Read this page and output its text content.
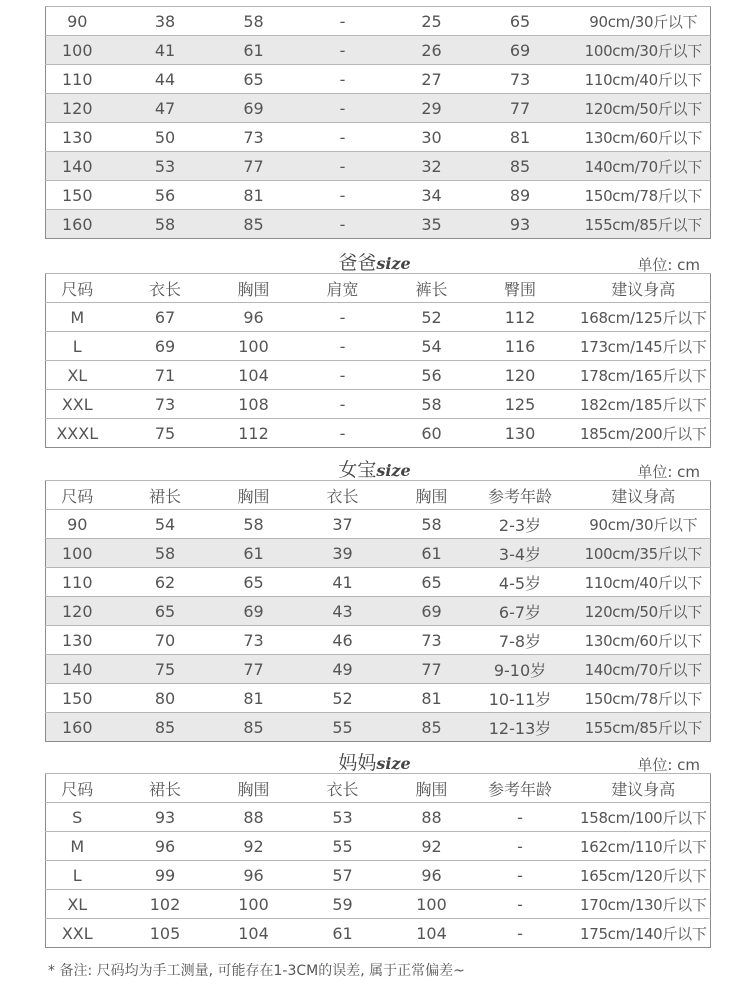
90	38	58	-	25	65	90cm/30斤以下
100	41	61	-	26	69	100cm/30斤以下
110	44	65	-	27	73	110cm/40斤以下
120	47	69	-	29	77	120cm/50斤以下
130	50	73	-	30	81	130cm/60斤以下
140	53	77	-	32	85	140cm/70斤以下
150	56	81	-	34	89	150cm/78斤以下
160	58	85	-	35	93	155cm/85斤以下
爸爸size	单位: cm
尺码	衣长	胸围	肩宽	裤长	臀围	建议身高
M	67	96	-	52	112	168cm/125斤以下
L	69	100	-	54	116	173cm/145斤以下
XL	71	104	-	56	120	178cm/165斤以下
XXL	73	108	-	58	125	182cm/185斤以下
XXXL	75	112	-	60	130	185cm/200斤以下
女宝size	单位: cm
尺码	裙长	胸围	衣长	胸围	参考年龄	建议身高
90	54	58	37	58	2-3岁	90cm/30斤以下
100	58	61	39	61	3-4岁	100cm/35斤以下
110	62	65	41	65	4-5岁	110cm/40斤以下
120	65	69	43	69	6-7岁	120cm/50斤以下
130	70	73	46	73	7-8岁	130cm/60斤以下
140	75	77	49	77	9-10岁	140cm/70斤以下
150	80	81	52	81	10-11岁	150cm/78斤以下
160	85	85	55	85	12-13岁	155cm/85斤以下
妈妈size	单位: cm
尺码	裙长	胸围	衣长	胸围	参考年龄	建议身高
S	93	88	53	88	-	158cm/100斤以下
M	96	92	55	92	-	162cm/110斤以下
L	99	96	57	96	-	165cm/120斤以下
XL	102	100	59	100	-	170cm/130斤以下
XXL	105	104	61	104	-	175cm/140斤以下
* 备注: 尺码均为手工测量, 可能存在1-3CM的误差, 属于正常偏差~
